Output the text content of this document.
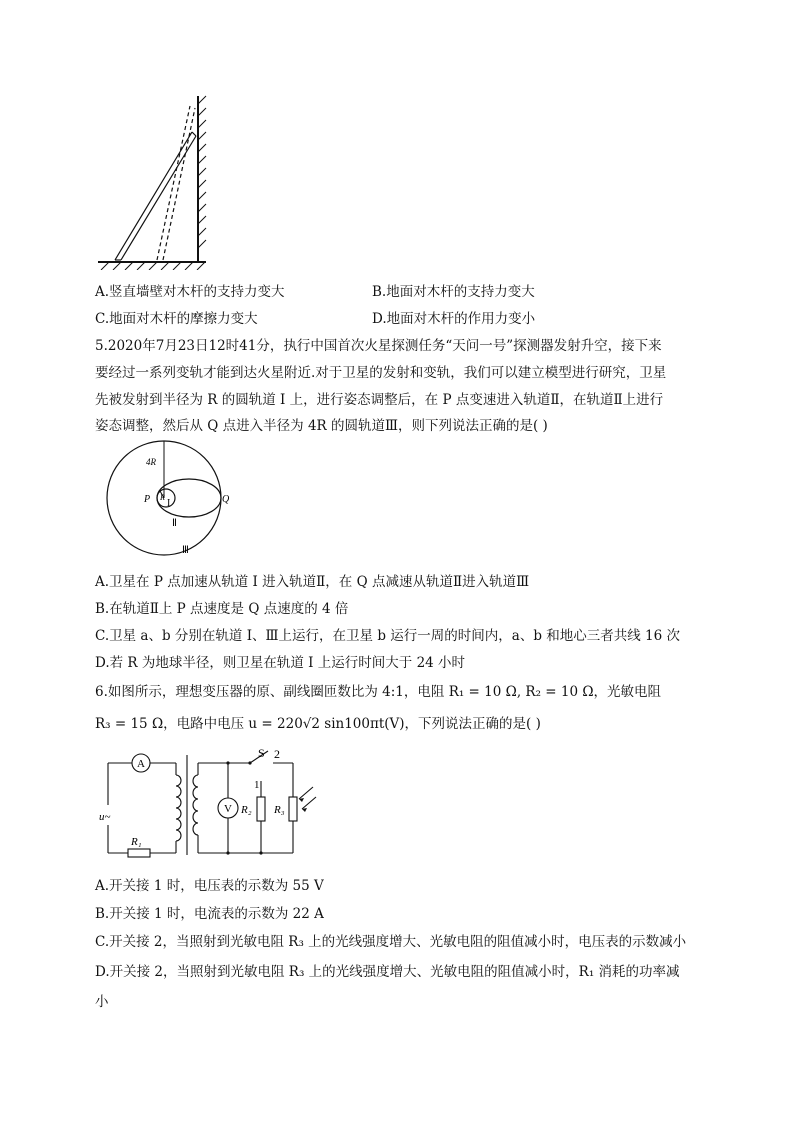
A.竖直墙壁对木杆的支持力变大	B.地面对木杆的支持力变大
C.地面对木杆的摩擦力变大	D.地面对木杆的作用力变小
5.2020年7月23日12时41分，执行中国首次火星探测任务“天问一号”探测器发射升空，接下来
要经过一系列变轨才能到达火星附近.对于卫星的发射和变轨，我们可以建立模型进行研究，卫星
先被发射到半径为 R 的圆轨道 I 上，进行姿态调整后，在 P 点变速进入轨道Ⅱ，在轨道Ⅱ上进行
姿态调整，然后从 Q 点进入半径为 4R 的圆轨道Ⅲ，则下列说法正确的是( )
4R
R
I
Ⅱ
Ⅲ
P	Q
A.卫星在 P 点加速从轨道 I 进入轨道Ⅱ，在 Q 点减速从轨道Ⅱ进入轨道Ⅲ
B.在轨道Ⅱ上 P 点速度是 Q 点速度的 4 倍
C.卫星 a、b 分别在轨道 I、Ⅲ上运行，在卫星 b 运行一周的时间内，a、b 和地心三者共线 16 次
D.若 R 为地球半径，则卫星在轨道 I 上运行时间大于 24 小时
6.如图所示，理想变压器的原、副线圈匝数比为 4:1，电阻 R₁ = 10 Ω, R₂ = 10 Ω，光敏电阻
R₃ = 15 Ω，电路中电压 u = 220√2 sin100πt(V)，下列说法正确的是( )
A
V
u~
R₁
R₂ R₃
S
1
2
A.开关接 1 时，电压表的示数为 55 V
B.开关接 1 时，电流表的示数为 22 A
C.开关接 2，当照射到光敏电阻 R₃ 上的光线强度增大、光敏电阻的阻值减小时，电压表的示数减小
D.开关接 2，当照射到光敏电阻 R₃ 上的光线强度增大、光敏电阻的阻值减小时，R₁ 消耗的功率减
小
